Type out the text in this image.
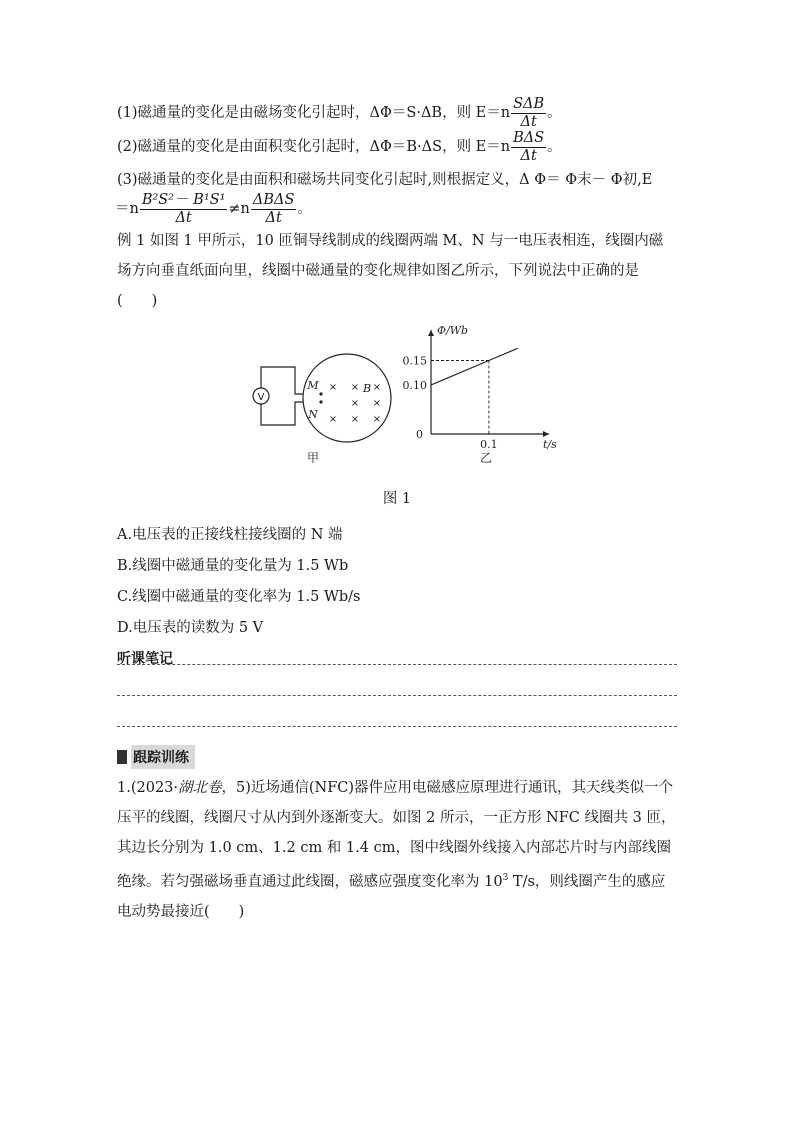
(1)磁通量的变化是由磁场变化引起时，ΔΦ＝S·ΔB，则 $E=n \frac{\text{SΔB}}{\Delta t}$ 。
(2)磁通量的变化是由面积变化引起时，ΔΦ＝B·ΔS，则 $E=n \frac{\text{BΔS}}{\Delta t}$ 。
(3)磁通量的变化是由面积和磁场共同变化引起时,则根据定义，Δ Φ＝ Φ末－ Φ初,E
$=n \frac{\text{B²S²－ B¹S¹}}{\Delta t} \ne n \frac{\text{ΔBΔS}}{\Delta t}$ 。
例 1 如图 1 甲所示，10 匝铜导线制成的线圈两端 M、N 与一电压表相连，线圈内磁场方向垂直纸面向里，线圈中磁通量的变化规律如图乙所示，下列说法中正确的是(　　)
V
M
N
B
× × ×
× ×
× × ×
甲
Φ/Wb
t/s
0
0.15
0.10
0.1
乙
图 1
A.电压表的正接线柱接线圈的 N 端
B.线圈中磁通量的变化量为 1.5 Wb
C.线圈中磁通量的变化率为 1.5 Wb/s
D.电压表的读数为 5 V
听课笔记
跟踪训练
1.(2023·湖北卷，5)近场通信(NFC)器件应用电磁感应原理进行通讯，其天线类似一个压平的线圈，线圈尺寸从内到外逐渐变大。如图 2 所示，一正方形 NFC 线圈共 3 匝，其边长分别为 1.0 cm、1.2 cm 和 1.4 cm，图中线圈外线接入内部芯片时与内部线圈绝缘。若匀强磁场垂直通过此线圈，磁感应强度变化率为 $10^3$ T/s，则线圈产生的感应电动势最接近(　　)
